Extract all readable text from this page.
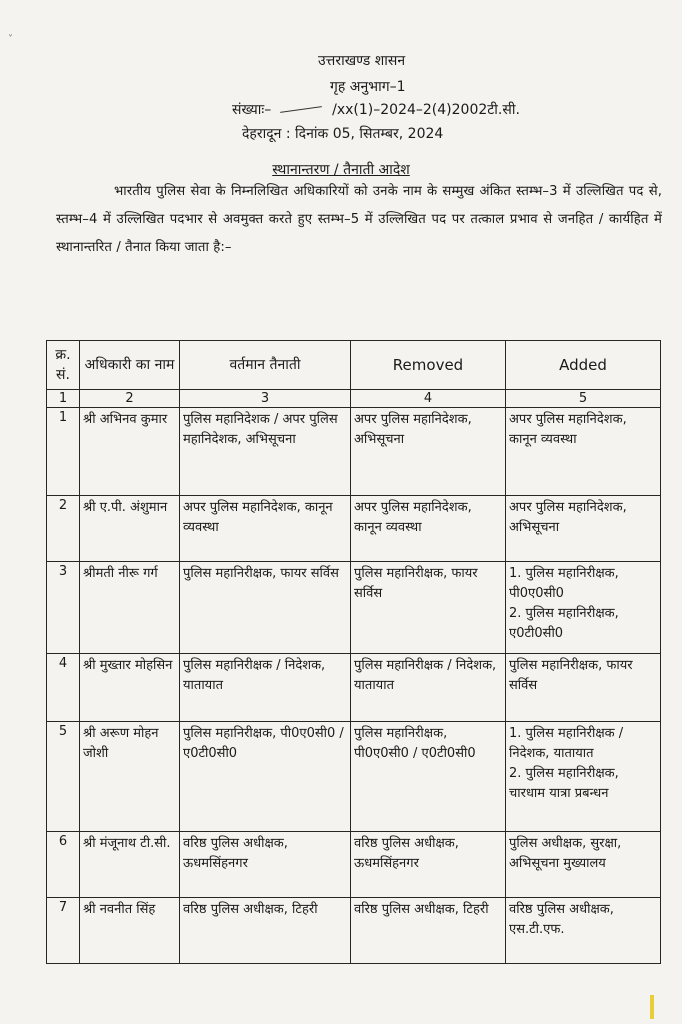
˅
उत्तराखण्ड शासन
गृह अनुभाग–1
संख्याः–	/xx(1)–2024–2(4)2002टी.सी.
देहरादून : दिनांक 05, सितम्बर, 2024
स्थानान्तरण / तैनाती आदेश
भारतीय पुलिस सेवा के निम्नलिखित अधिकारियों को उनके नाम के सम्मुख अंकित स्तम्भ–3 में उल्लिखित पद से, स्तम्भ–4 में उल्लिखित पदभार से अवमुक्त करते हुए स्तम्भ–5 में उल्लिखित पद पर तत्काल प्रभाव से जनहित / कार्यहित में स्थानान्तरित / तैनात किया जाता है:–
क्र. सं.	अधिकारी का नाम	वर्तमान तैनाती	Removed	Added
1	2	3	4	5
1	श्री अभिनव कुमार	पुलिस महानिदेशक / अपर पुलिस महानिदेशक, अभिसूचना	अपर पुलिस महानिदेशक, अभिसूचना	अपर पुलिस महानिदेशक, कानून व्यवस्था
2	श्री ए.पी. अंशुमान	अपर पुलिस महानिदेशक, कानून व्यवस्था	अपर पुलिस महानिदेशक, कानून व्यवस्था	अपर पुलिस महानिदेशक, अभिसूचना
3	श्रीमती नीरू गर्ग	पुलिस महानिरीक्षक, फायर सर्विस	पुलिस महानिरीक्षक, फायर सर्विस	1. पुलिस महानिरीक्षक, पी0ए0सी0
2. पुलिस महानिरीक्षक, ए0टी0सी0
4	श्री मुख्तार मोहसिन	पुलिस महानिरीक्षक / निदेशक, यातायात	पुलिस महानिरीक्षक / निदेशक, यातायात	पुलिस महानिरीक्षक, फायर सर्विस
5	श्री अरूण मोहन जोशी	पुलिस महानिरीक्षक, पी0ए0सी0 / ए0टी0सी0	पुलिस महानिरीक्षक, पी0ए0सी0 / ए0टी0सी0	1. पुलिस महानिरीक्षक / निदेशक, यातायात
2. पुलिस महानिरीक्षक, चारधाम यात्रा प्रबन्धन
6	श्री मंजूनाथ टी.सी.	वरिष्ठ पुलिस अधीक्षक, ऊधमसिंहनगर	वरिष्ठ पुलिस अधीक्षक, ऊधमसिंहनगर	पुलिस अधीक्षक, सुरक्षा, अभिसूचना मुख्यालय
7	श्री नवनीत सिंह	वरिष्ठ पुलिस अधीक्षक, टिहरी	वरिष्ठ पुलिस अधीक्षक, टिहरी	वरिष्ठ पुलिस अधीक्षक, एस.टी.एफ.
